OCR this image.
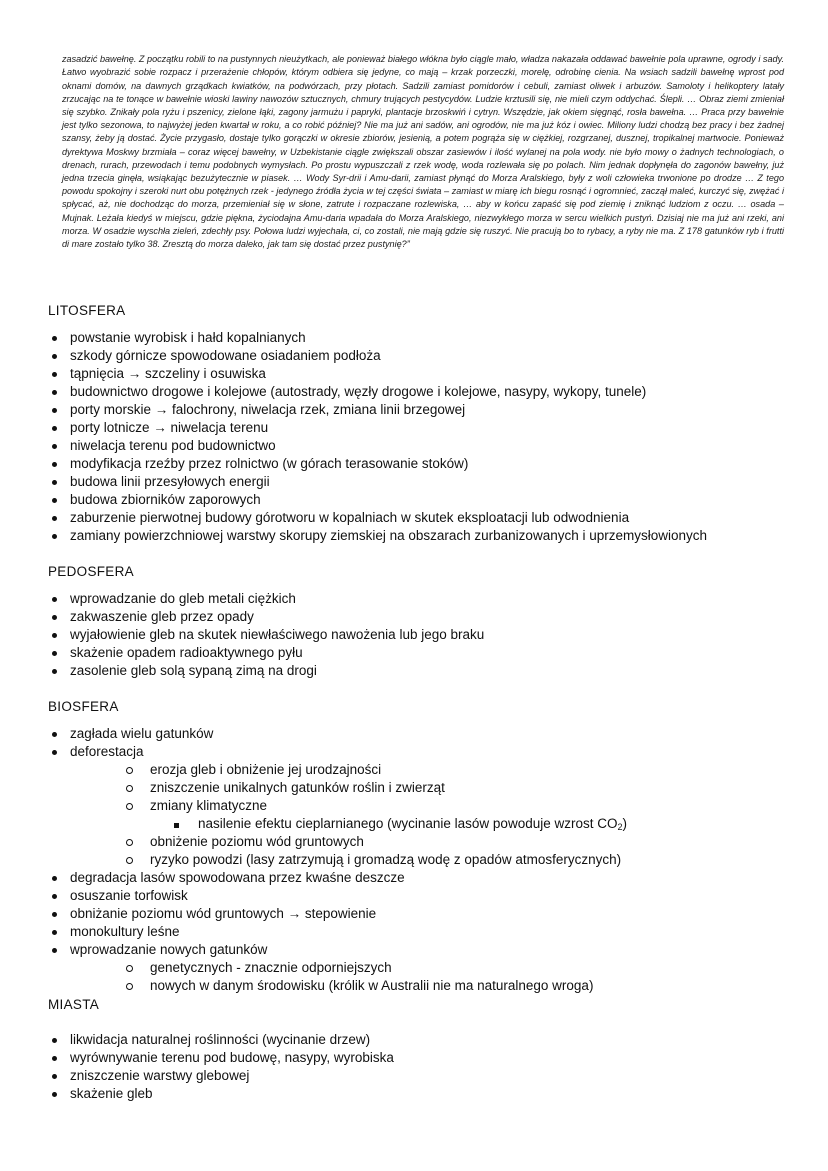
zasadzić bawełnę. Z początku robili to na pustynnych nieużytkach, ale ponieważ białego włókna było ciągle mało, władza nakazała oddawać bawełnie pola uprawne, ogrody i sady. Łatwo wyobrazić sobie rozpacz i przerażenie chłopów, którym odbiera się jedyne, co mają – krzak porzeczki, morelę, odrobinę cienia. Na wsiach sadzili bawełnę wprost pod oknami domów, na dawnych grządkach kwiatków, na podwórzach, przy płotach. Sadzili zamiast pomidorów i cebuli, zamiast oliwek i arbuzów. Samoloty i helikoptery latały zrzucając na te tonące w bawełnie wioski lawiny nawozów sztucznych, chmury trujących pestycydów. Ludzie krztusili się, nie mieli czym oddychać. Ślepli. … Obraz ziemi zmieniał się szybko. Znikały pola ryżu i pszenicy, zielone łąki, zagony jarmużu i papryki, plantacje brzoskwiń i cytryn. Wszędzie, jak okiem sięgnąć, rosła bawełna. … Praca przy bawełnie jest tylko sezonowa, to najwyżej jeden kwartał w roku, a co robić później? Nie ma już ani sadów, ani ogrodów, nie ma już kóz i owiec. Miliony ludzi chodzą bez pracy i bez żadnej szansy, żeby ją dostać. Życie przygasło, dostaje tylko gorączki w okresie zbiorów, jesienią, a potem pogrąża się w ciężkiej, rozgrzanej, dusznej, tropikalnej martwocie. Ponieważ dyrektywa Moskwy brzmiała – coraz więcej bawełny, w Uzbekistanie ciągle zwiększali obszar zasiewów i ilość wylanej na pola wody. nie było mowy o żadnych technologiach, o drenach, rurach, przewodach i temu podobnych wymysłach. Po prostu wypuszczali z rzek wodę, woda rozlewała się po polach. Nim jednak dopłynęła do zagonów bawełny, już jedna trzecia ginęła, wsiąkając bezużytecznie w piasek. … Wody Syr-drii i Amu-darii, zamiast płynąć do Morza Aralskiego, były z woli człowieka trwonione po drodze … Z tego powodu spokojny i szeroki nurt obu potężnych rzek - jedynego źródła życia w tej części świata – zamiast w miarę ich biegu rosnąć i ogromnieć, zaczął maleć, kurczyć się, zwężać i spłycać, aż, nie dochodząc do morza, przemieniał się w słone, zatrute i rozpaczane rozlewiska, … aby w końcu zapaść się pod ziemię i zniknąć ludziom z oczu. … osada – Mujnak. Leżała kiedyś w miejscu, gdzie piękna, życiodajna Amu-daria wpadała do Morza Aralskiego, niezwykłego morza w sercu wielkich pustyń. Dzisiaj nie ma już ani rzeki, ani morza. W osadzie wyschła zieleń, zdechły psy. Połowa ludzi wyjechała, ci, co zostali, nie mają gdzie się ruszyć. Nie pracują bo to rybacy, a ryby nie ma. Z 178 gatunków ryb i frutti di mare zostało tylko 38. Zresztą do morza daleko, jak tam się dostać przez pustynię?”

LITOSFERA
powstanie wyrobisk i hałd kopalnianych
szkody górnicze spowodowane osiadaniem podłoża
tąpnięcia → szczeliny i osuwiska
budownictwo drogowe i kolejowe (autostrady, węzły drogowe i kolejowe, nasypy, wykopy, tunele)
porty morskie → falochrony, niwelacja rzek, zmiana linii brzegowej
porty lotnicze → niwelacja terenu
niwelacja terenu pod budownictwo
modyfikacja rzeźby przez rolnictwo (w górach terasowanie stoków)
budowa linii przesyłowych energii
budowa zbiorników zaporowych
zaburzenie pierwotnej budowy górotworu w kopalniach w skutek eksploatacji lub odwodnienia
zamiany powierzchniowej warstwy skorupy ziemskiej na obszarach zurbanizowanych i uprzemysłowionych
PEDOSFERA
wprowadzanie do gleb metali ciężkich
zakwaszenie gleb przez opady
wyjałowienie gleb na skutek niewłaściwego nawożenia lub jego braku
skażenie opadem radioaktywnego pyłu
zasolenie gleb solą sypaną zimą na drogi
BIOSFERA
zagłada wielu gatunków
deforestacja
erozja gleb i obniżenie jej urodzajności
zniszczenie unikalnych gatunków roślin i zwierząt
zmiany klimatyczne
nasilenie efektu cieplarnianego (wycinanie lasów powoduje wzrost CO2)
obniżenie poziomu wód gruntowych
ryzyko powodzi (lasy zatrzymują i gromadzą wodę z opadów atmosferycznych)
degradacja lasów spowodowana przez kwaśne deszcze
osuszanie torfowisk
obniżanie poziomu wód gruntowych → stepowienie
monokultury leśne
wprowadzanie nowych gatunków
genetycznych - znacznie odporniejszych
nowych w danym środowisku (królik w Australii nie ma naturalnego wroga)
MIASTA
likwidacja naturalnej roślinności (wycinanie drzew)
wyrównywanie terenu pod budowę, nasypy, wyrobiska
zniszczenie warstwy glebowej
skażenie gleb
